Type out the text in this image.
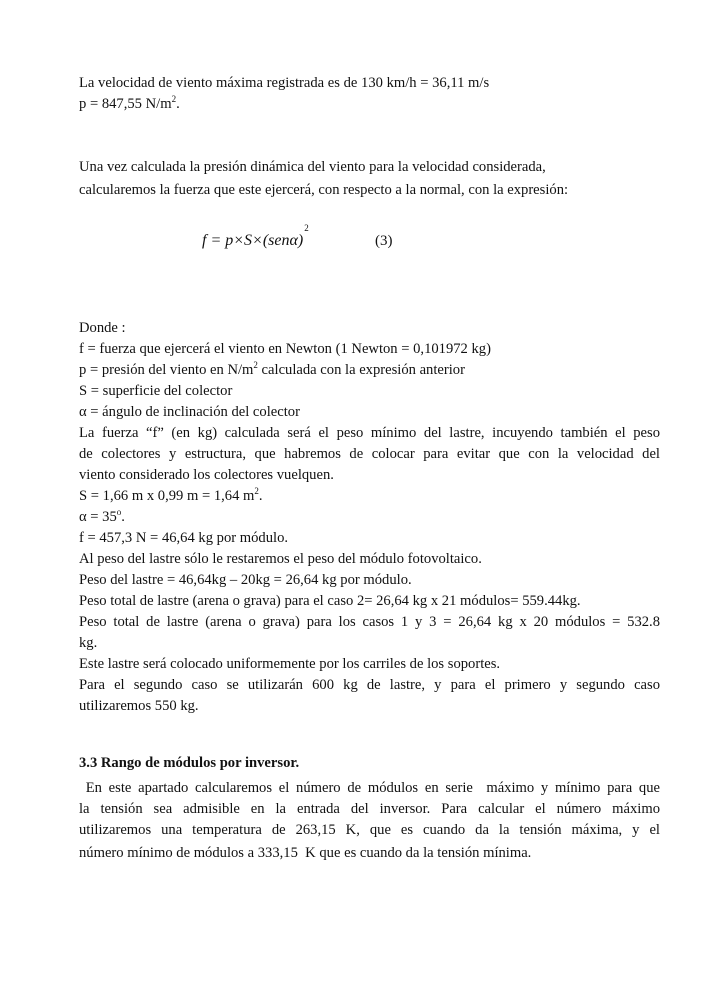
La velocidad de viento máxima registrada es de 130 km/h = 36,11 m/s
p = 847,55 $N/m^2$.
Una vez calculada la presión dinámica del viento para la velocidad considerada,
calcularemos la fuerza que este ejercerá, con respecto a la normal, con la expresión:
$f = p\times S\times(sen\alpha)^2$
(3)
Donde :
f = fuerza que ejercerá el viento en Newton (1 Newton = 0,101972 kg)
p = presión del viento en $N/m^2$ calculada con la expresión anterior
S = superficie del colector
α = ángulo de inclinación del colector
La fuerza “f” (en kg) calculada será el peso mínimo del lastre, incuyendo también el peso
de colectores y estructura, que habremos de colocar para evitar que con la velocidad del
viento considerado los colectores vuelquen.
S = 1,66 m x 0,99 m = 1,64 $m^2$.
$\alpha = 35^o$.
f = 457,3 N = 46,64 kg por módulo.
Al peso del lastre sólo le restaremos el peso del módulo fotovoltaico.
Peso del lastre = 46,64kg – 20kg = 26,64 kg por módulo.
Peso total de lastre (arena o grava) para el caso 2= 26,64 kg x 21 módulos= 559.44kg.
Peso total de lastre (arena o grava) para los casos 1 y 3 = 26,64 kg x 20 módulos = 532.8
kg.
Este lastre será colocado uniformemente por los carriles de los soportes.
Para el segundo caso se utilizarán 600 kg de lastre, y para el primero y segundo caso
utilizaremos 550 kg.
3.3 Rango de módulos por inversor.
En este apartado calcularemos el número de módulos en serie  máximo y mínimo para que
la tensión sea admisible en la entrada del inversor. Para calcular el número máximo
utilizaremos una temperatura de 263,15 K, que es cuando da la tensión máxima, y el
número mínimo de módulos a 333,15  K que es cuando da la tensión mínima.
